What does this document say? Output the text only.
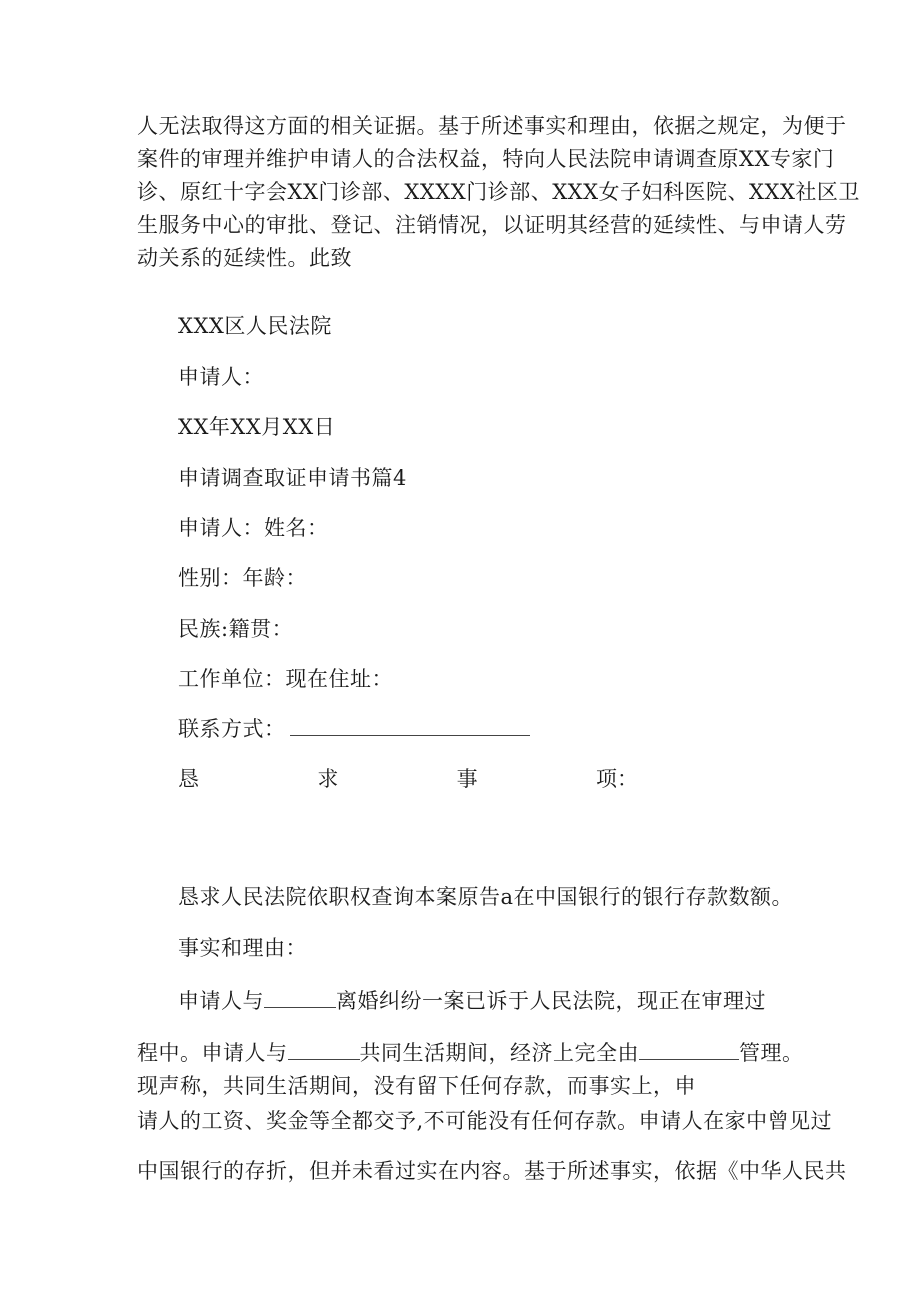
人无法取得这方面的相关证据。基于所述事实和理由，依据之规定，为便于
案件的审理并维护申请人的合法权益，特向人民法院申请调查原XX专家门
诊、原红十字会XX门诊部、XXXX门诊部、XXX女子妇科医院、XXX社区卫
生服务中心的审批、登记、注销情况，以证明其经营的延续性、与申请人劳
动关系的延续性。此致
XXX区人民法院
申请人：
XX年XX月XX日
申请调查取证申请书篇4
申请人：姓名：
性别：年龄：
民族:籍贯：
工作单位：现在住址：
联系方式：
恳	求	事	项：
恳求人民法院依职权查询本案原告a在中国银行的银行存款数额。
事实和理由：
申请人与	离婚纠纷一案已诉于人民法院，现正在审理过
程中。申请人与	共同生活期间，经济上完全由	管理。
现声称，共同生活期间，没有留下任何存款，而事实上，申
请人的工资、奖金等全都交予,不可能没有任何存款。申请人在家中曾见过
中国银行的存折，但并未看过实在内容。基于所述事实，依据《中华人民共
